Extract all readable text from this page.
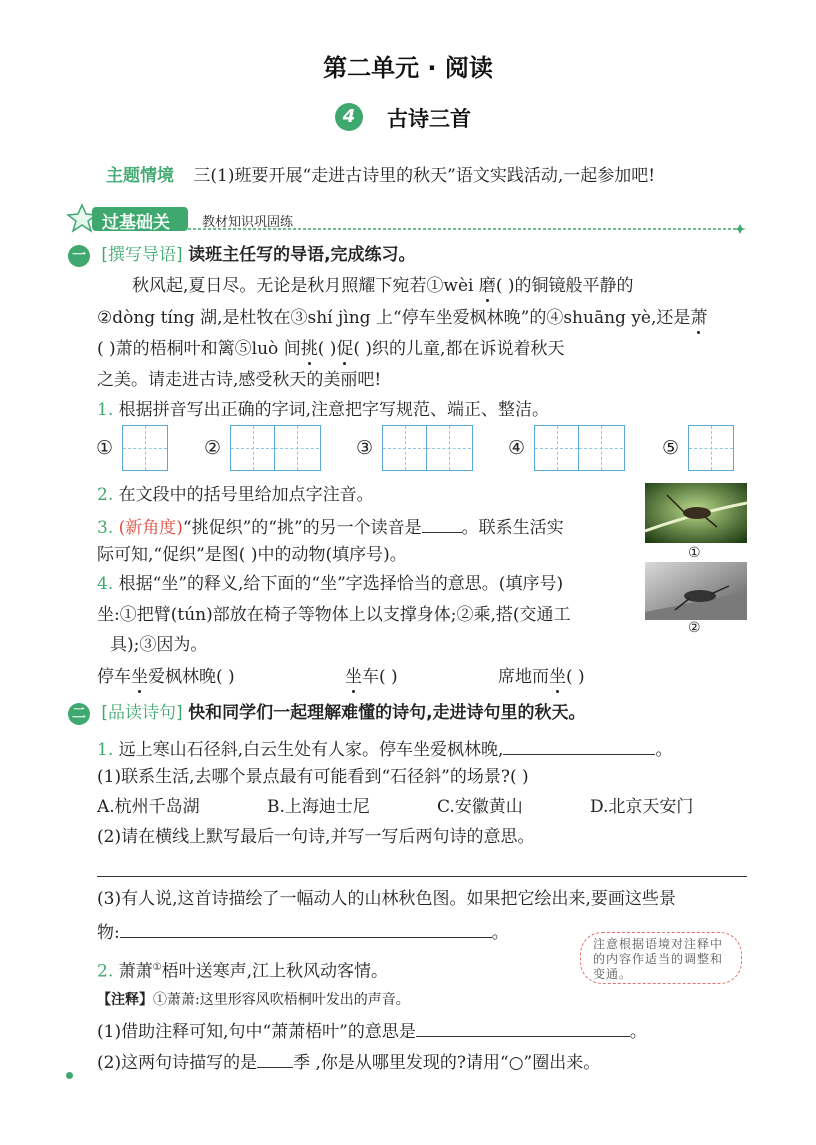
第二单元 · 阅读
4	古诗三首
主题情境 三(1)班要开展“走进古诗里的秋天”语文实践活动,一起参加吧!
过基础关 教材知识巩固练
一 [撰写导语] 读班主任写的导语,完成练习。
秋风起,夏日尽。无论是秋月照耀下宛若①wèi 磨( )的铜镜般平静的
②dòng tíng 湖,是杜牧在③shí jìng 上“停车坐爱枫林晚”的④shuāng yè,还是萧
( )萧的梧桐叶和篱⑤luò 间挑( )促( )织的儿童,都在诉说着秋天
之美。请走进古诗,感受秋天的美丽吧!
1. 根据拼音写出正确的字词,注意把字写规范、端正、整洁。
①	②	③	④	⑤
2. 在文段中的括号里给加点字注音。
3. (新角度)“挑促织”的“挑”的另一个读音是 。联系生活实
际可知,“促织”是图( )中的动物(填序号)。	①
②
4. 根据“坐”的释义,给下面的“坐”字选择恰当的意思。(填序号)
坐:①把臂(tún)部放在椅子等物体上以支撑身体;②乘,搭(交通工
具);③因为。
停车坐爱枫林晚( )	坐车( )	席地而坐( )
二 [品读诗句] 快和同学们一起理解难懂的诗句,走进诗句里的秋天。
1. 远上寒山石径斜,白云生处有人家。停车坐爱枫林晚,	。
(1)联系生活,去哪个景点最有可能看到“石径斜”的场景?( )
A.杭州千岛湖	B.上海迪士尼	C.安徽黄山	D.北京天安门
(2)请在横线上默写最后一句诗,并写一写后两句诗的意思。
(3)有人说,这首诗描绘了一幅动人的山林秋色图。如果把它绘出来,要画这些景
物:	。
注意根据语境对注释中的内容作适当的调整和变通。
2. 萧萧①梧叶送寒声,江上秋风动客情。
【注释】①萧萧:这里形容风吹梧桐叶发出的声音。
(1)借助注释可知,句中“萧萧梧叶”的意思是	。
(2)这两句诗描写的是 季 ,你是从哪里发现的?请用“○”圈出来。
